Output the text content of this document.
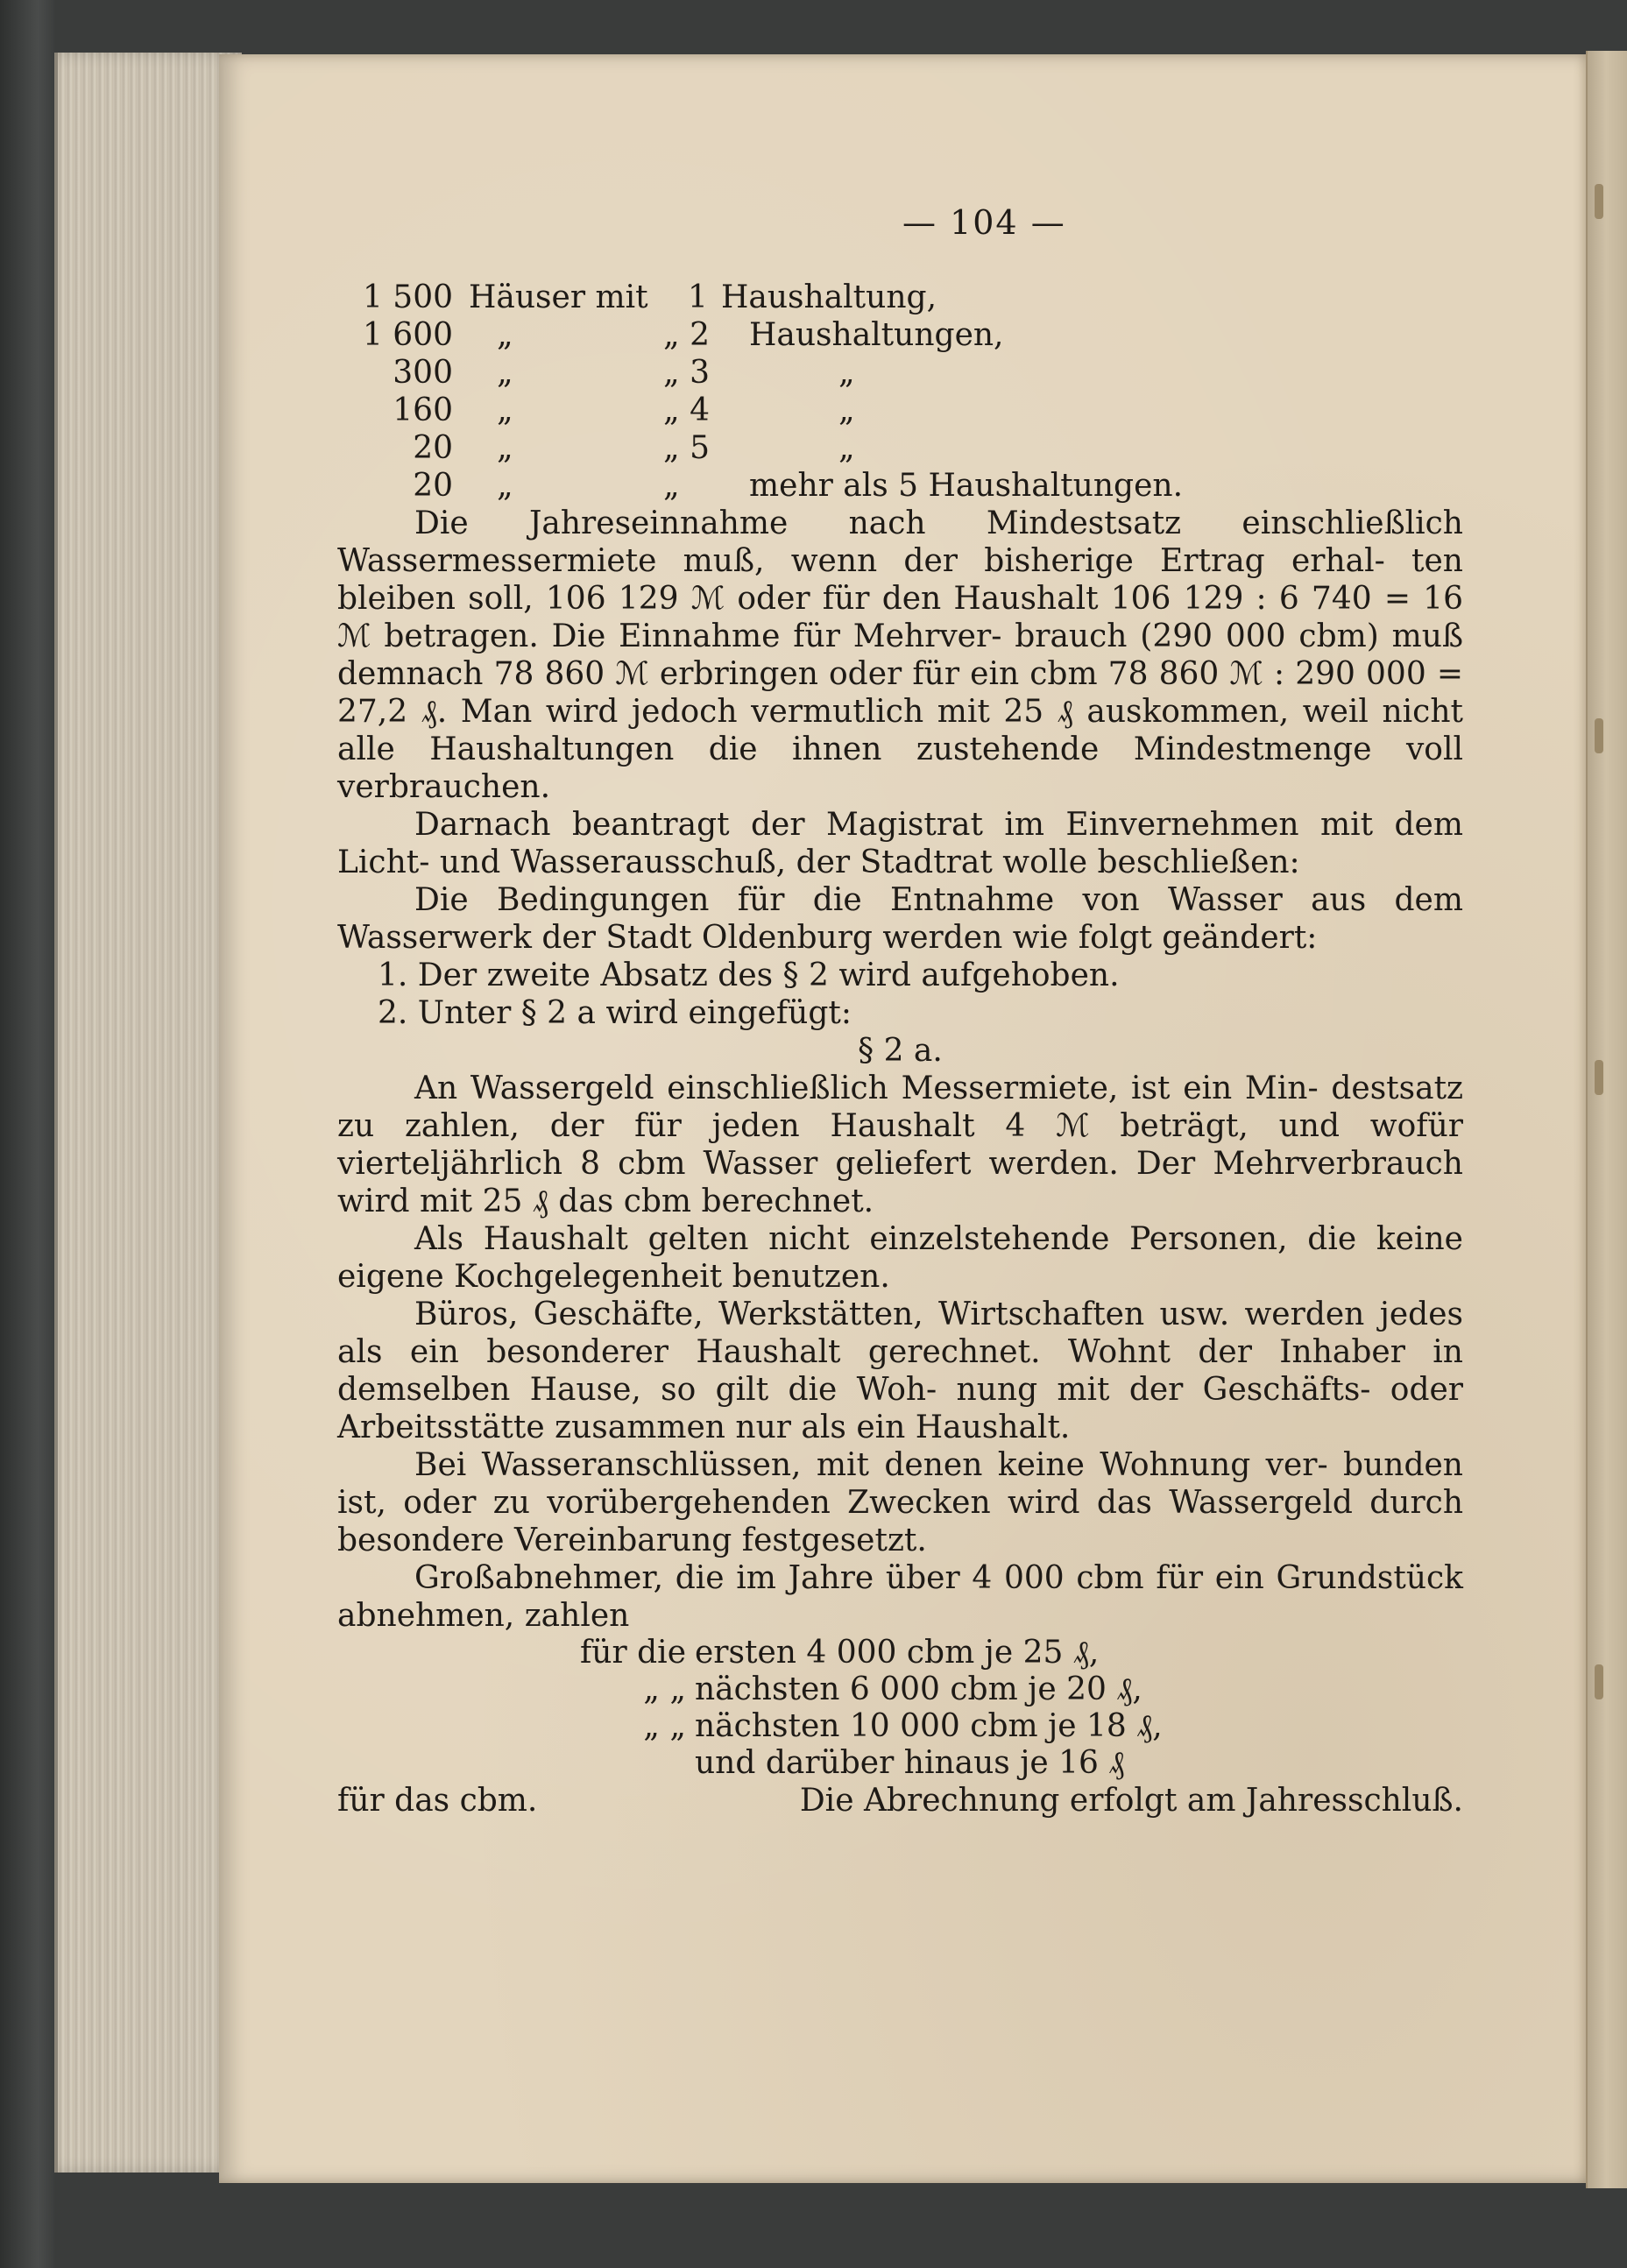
— 104 —
1 500 Häuser mit	1 Haushaltung,
1 600	„	„ 2	Haushaltungen,
300	„	„ 3	„
160	„	„ 4	„
20	„	„ 5	„
20	„	„	mehr als 5 Haushaltungen.

Die Jahreseinnahme nach Mindestsatz einschließlich Wassermessermiete muß, wenn der bisherige Ertrag erhal- ten bleiben soll, 106 129 ℳ oder für den Haushalt 106 129 : 6 740 = 16 ℳ betragen. Die Einnahme für Mehrver- brauch (290 000 cbm) muß demnach 78 860 ℳ erbringen oder für ein cbm 78 860 ℳ : 290 000 = 27,2 ₰. Man wird jedoch vermutlich mit 25 ₰ auskommen, weil nicht alle Haushaltungen die ihnen zustehende Mindestmenge voll verbrauchen.

Darnach beantragt der Magistrat im Einvernehmen mit dem Licht- und Wasserausschuß, der Stadtrat wolle beschließen:

Die Bedingungen für die Entnahme von Wasser aus dem Wasserwerk der Stadt Oldenburg werden wie folgt geändert:

1. Der zweite Absatz des § 2 wird aufgehoben.
2. Unter § 2 a wird eingefügt:
§ 2 a.

An Wassergeld einschließlich Messermiete, ist ein Min- destsatz zu zahlen, der für jeden Haushalt 4 ℳ beträgt, und wofür vierteljährlich 8 cbm Wasser geliefert werden. Der Mehrverbrauch wird mit 25 ₰ das cbm berechnet.

Als Haushalt gelten nicht einzelstehende Personen, die keine eigene Kochgelegenheit benutzen.

Büros, Geschäfte, Werkstätten, Wirtschaften usw. werden jedes als ein besonderer Haushalt gerechnet. Wohnt der Inhaber in demselben Hause, so gilt die Woh- nung mit der Geschäfts- oder Arbeitsstätte zusammen nur als ein Haushalt.

Bei Wasseranschlüssen, mit denen keine Wohnung ver- bunden ist, oder zu vorübergehenden Zwecken wird das Wassergeld durch besondere Vereinbarung festgesetzt.

Großabnehmer, die im Jahre über 4 000 cbm für ein Grundstück abnehmen, zahlen

für die ersten 4 000 cbm je 25 ₰,
„ „ nächsten 6 000 cbm je 20 ₰,
„ „ nächsten 10 000 cbm je 18 ₰,
und darüber hinaus je 16 ₰
für das cbm.	Die Abrechnung erfolgt am Jahresschluß.
